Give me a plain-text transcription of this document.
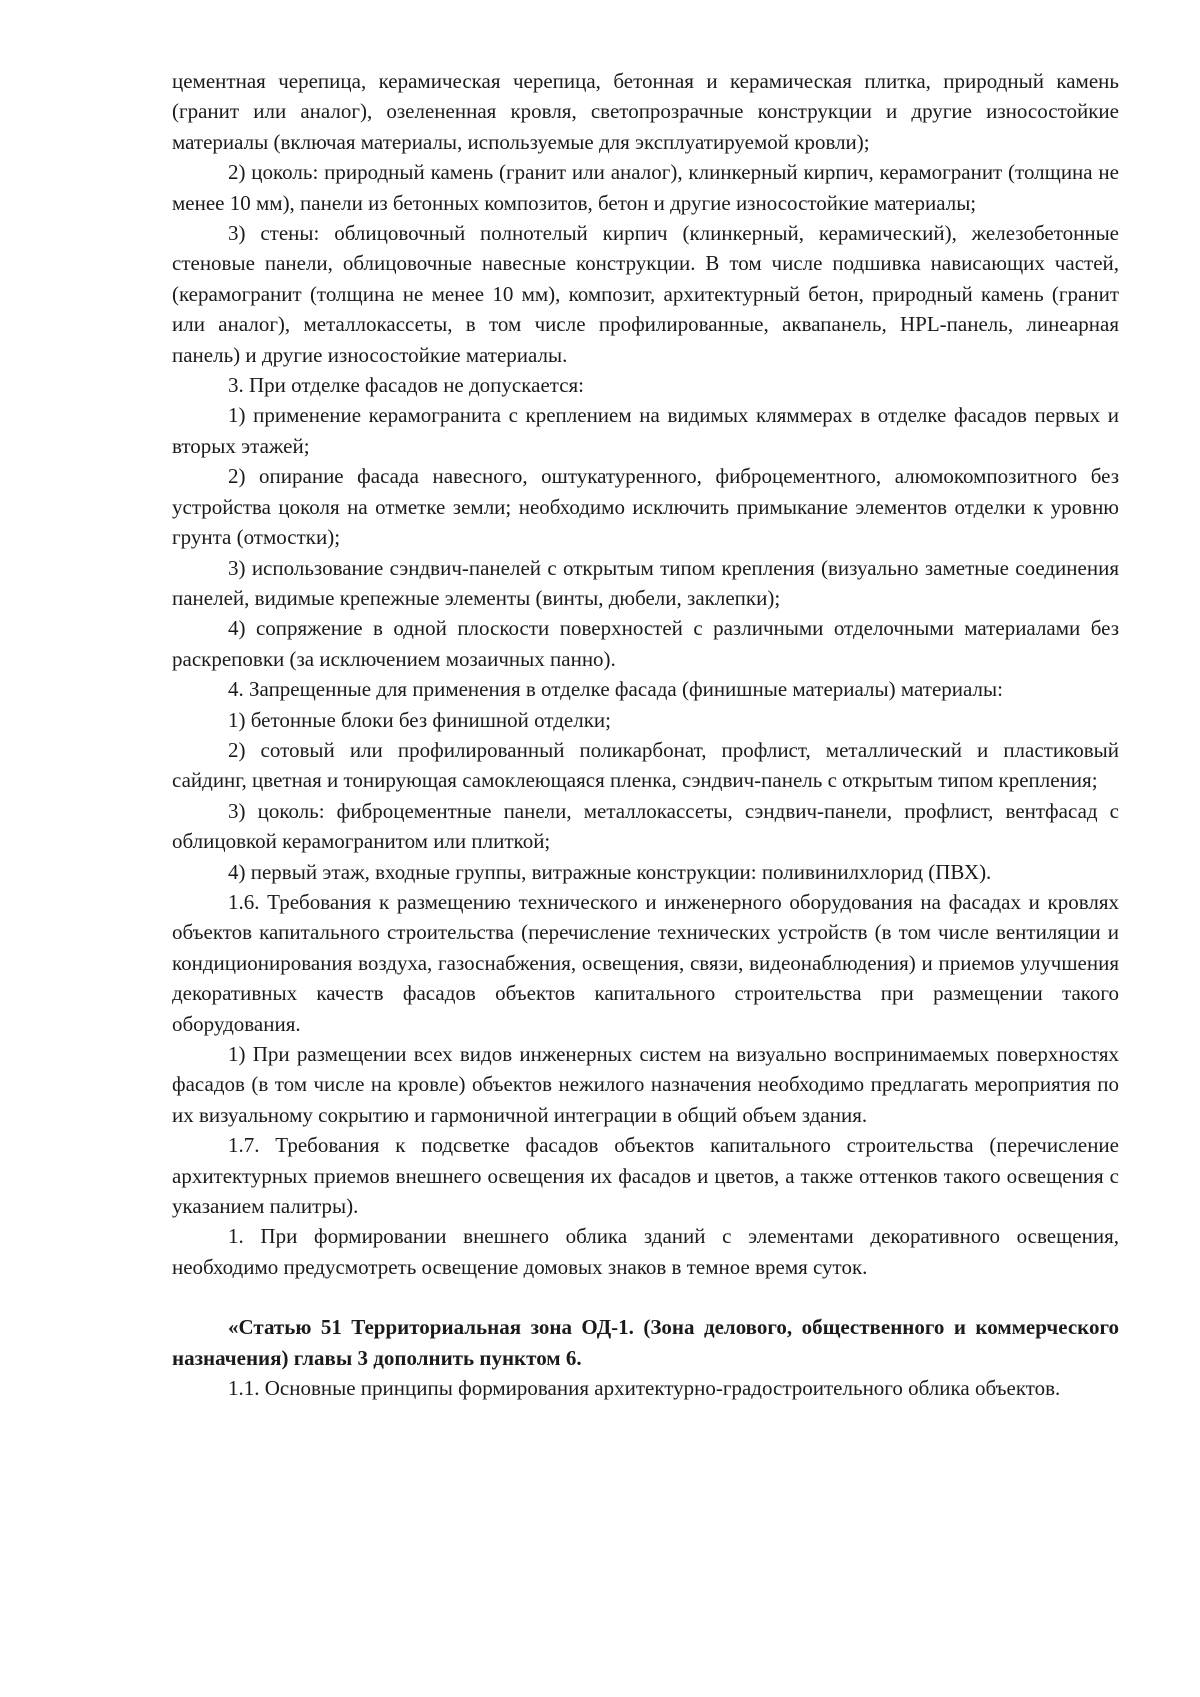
цементная черепица, керамическая черепица, бетонная и керамическая плитка, природный камень (гранит или аналог), озелененная кровля, светопрозрачные конструкции и другие износостойкие материалы (включая материалы, используемые для эксплуатируемой кровли);

2) цоколь: природный камень (гранит или аналог), клинкерный кирпич, керамогранит (толщина не менее 10 мм), панели из бетонных композитов, бетон и другие износостойкие материалы;

3) стены: облицовочный полнотелый кирпич (клинкерный, керамический), железобетонные стеновые панели, облицовочные навесные конструкции. В том числе подшивка нависающих частей, (керамогранит (толщина не менее 10 мм), композит, архитектурный бетон, природный камень (гранит или аналог), металлокассеты, в том числе профилированные, аквапанель, HPL-панель, линеарная панель) и другие износостойкие материалы.

3. При отделке фасадов не допускается:

1) применение керамогранита с креплением на видимых кляммерах в отделке фасадов первых и вторых этажей;

2) опирание фасада навесного, оштукатуренного, фиброцементного, алюмокомпозитного без устройства цоколя на отметке земли; необходимо исключить примыкание элементов отделки к уровню грунта (отмостки);

3) использование сэндвич-панелей с открытым типом крепления (визуально заметные соединения панелей, видимые крепежные элементы (винты, дюбели, заклепки);

4) сопряжение в одной плоскости поверхностей с различными отделочными материалами без раскреповки (за исключением мозаичных панно).

4. Запрещенные для применения в отделке фасада (финишные материалы) материалы:

1) бетонные блоки без финишной отделки;

2) сотовый или профилированный поликарбонат, профлист, металлический и пластиковый сайдинг, цветная и тонирующая самоклеющаяся пленка, сэндвич-панель с открытым типом крепления;

3) цоколь: фиброцементные панели, металлокассеты, сэндвич-панели, профлист, вентфасад с облицовкой керамогранитом или плиткой;

4) первый этаж, входные группы, витражные конструкции: поливинилхлорид (ПВХ).

1.6. Требования к размещению технического и инженерного оборудования на фасадах и кровлях объектов капитального строительства (перечисление технических устройств (в том числе вентиляции и кондиционирования воздуха, газоснабжения, освещения, связи, видеонаблюдения) и приемов улучшения декоративных качеств фасадов объектов капитального строительства при размещении такого оборудования.

1) При размещении всех видов инженерных систем на визуально воспринимаемых поверхностях фасадов (в том числе на кровле) объектов нежилого назначения необходимо предлагать мероприятия по их визуальному сокрытию и гармоничной интеграции в общий объем здания.

1.7. Требования к подсветке фасадов объектов капитального строительства (перечисление архитектурных приемов внешнего освещения их фасадов и цветов, а также оттенков такого освещения с указанием палитры).

1. При формировании внешнего облика зданий с элементами декоративного освещения, необходимо предусмотреть освещение домовых знаков в темное время суток.

«Статью 51 Территориальная зона ОД-1. (Зона делового, общественного и коммерческого назначения) главы 3 дополнить пунктом 6.

1.1. Основные принципы формирования архитектурно-градостроительного облика объектов.
